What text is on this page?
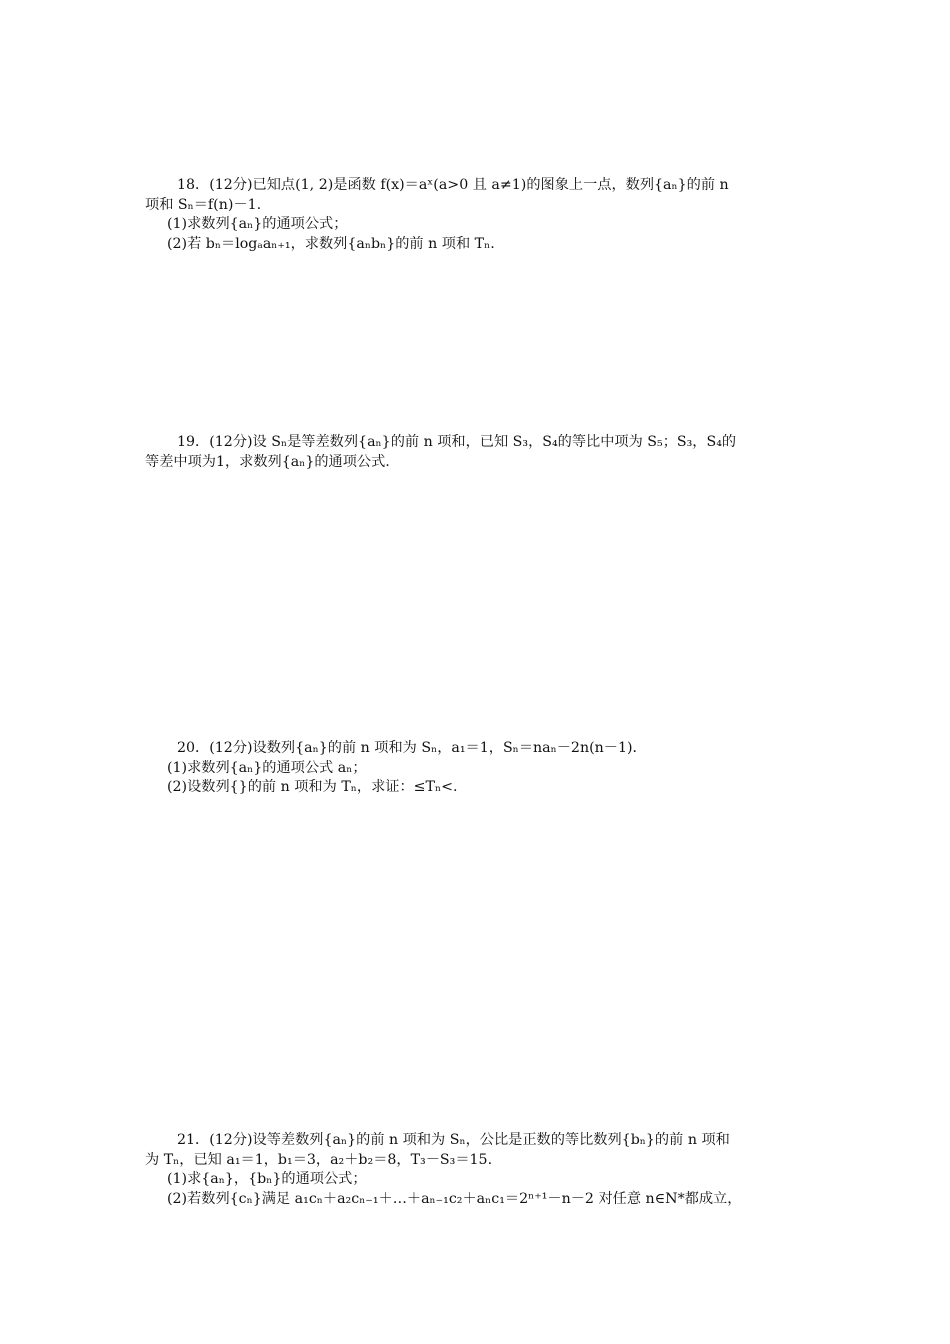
18．(12分)已知点(1, 2)是函数 f(x)＝aˣ(a>0 且 a≠1)的图象上一点，数列{aₙ}的前 n
项和 Sₙ＝f(n)－1.
(1)求数列{aₙ}的通项公式；
(2)若 bₙ＝logₐaₙ₊₁，求数列{aₙbₙ}的前 n 项和 Tₙ.
19．(12分)设 Sₙ是等差数列{aₙ}的前 n 项和，已知 S₃，S₄的等比中项为 S₅；S₃，S₄的
等差中项为1，求数列{aₙ}的通项公式.
20．(12分)设数列{aₙ}的前 n 项和为 Sₙ，a₁＝1，Sₙ＝naₙ－2n(n－1)．
(1)求数列{aₙ}的通项公式 aₙ；
(2)设数列{}的前 n 项和为 Tₙ，求证：≤Tₙ<.
21．(12分)设等差数列{aₙ}的前 n 项和为 Sₙ，公比是正数的等比数列{bₙ}的前 n 项和
为 Tₙ，已知 a₁＝1，b₁＝3，a₂＋b₂＝8，T₃－S₃＝15.
(1)求{aₙ}，{bₙ}的通项公式；
(2)若数列{cₙ}满足 a₁cₙ＋a₂cₙ₋₁＋…＋aₙ₋₁c₂＋aₙc₁＝2ⁿ⁺¹－n－2 对任意 n∈N*都成立，
